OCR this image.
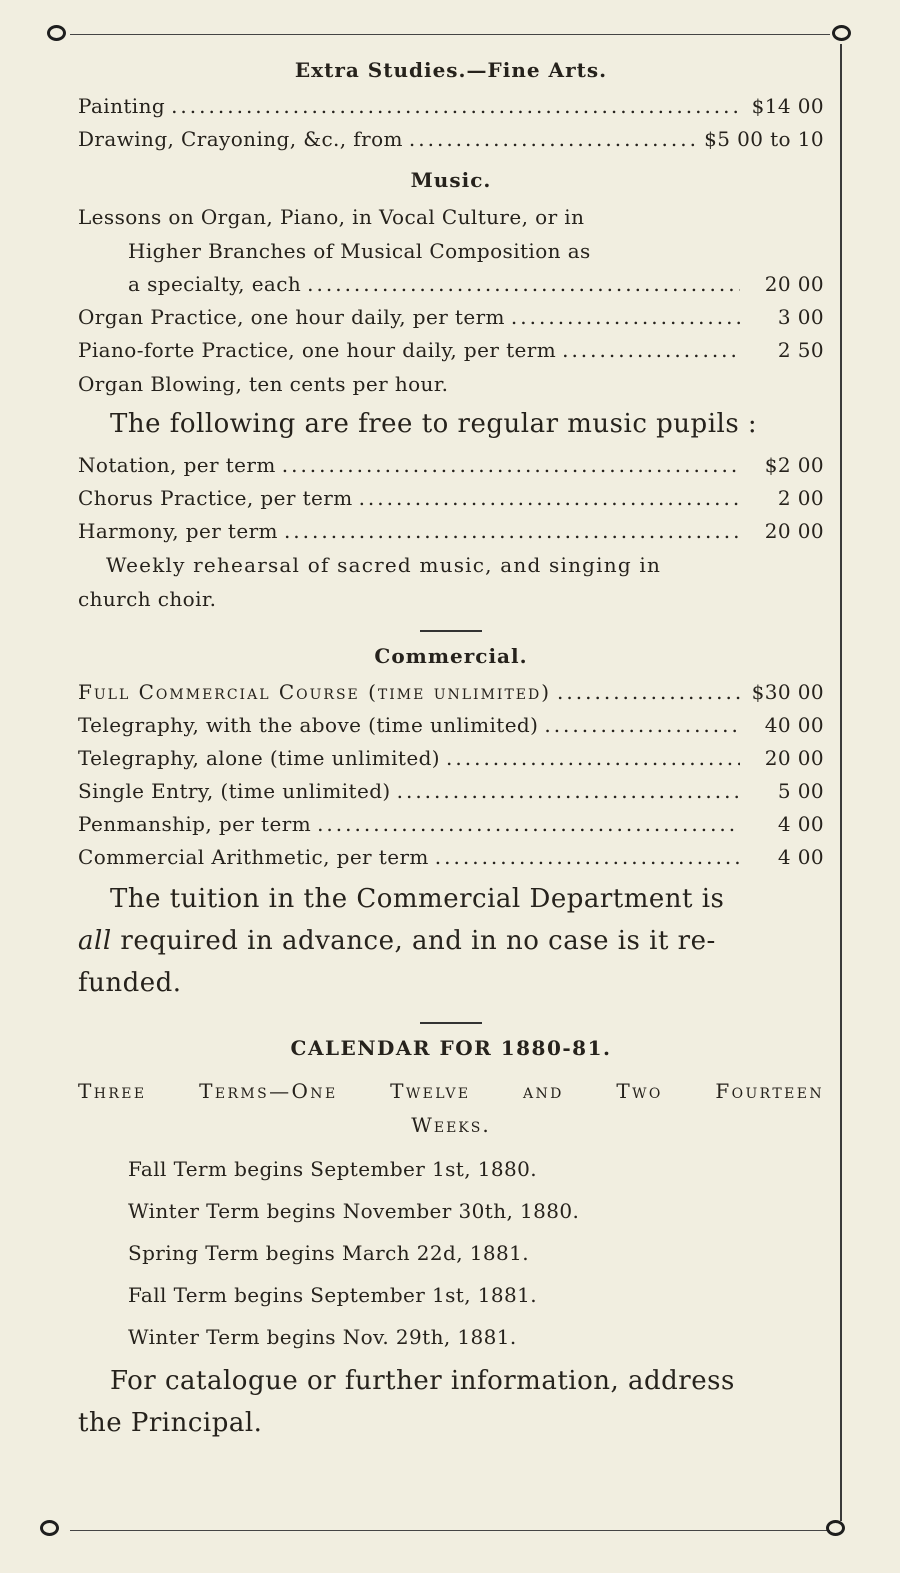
Extra Studies.—Fine Arts.
Painting .....	$14 00
Drawing, Crayoning, &c., from .....	$5 00 to 10
Music.
Lessons on Organ, Piano, in Vocal Culture, or in
Higher Branches of Musical Composition as
a specialty, each .....	20 00
Organ Practice, one hour daily, per term .....	3 00
Piano-forte Practice, one hour daily, per term .....	2 50
Organ Blowing, ten cents per hour.
The following are free to regular music pupils :
Notation, per term .....	$2 00
Chorus Practice, per term .....	2 00
Harmony, per term .....	20 00
Weekly rehearsal of sacred music, and singing in
church choir.
Commercial.
Full Commercial Course (time unlimited) .....	$30 00
Telegraphy, with the above (time unlimited) .....	40 00
Telegraphy, alone (time unlimited) .....	20 00
Single Entry, (time unlimited) .....	5 00
Penmanship, per term .....	4 00
Commercial Arithmetic, per term .....	4 00
The tuition in the Commercial Department is
all required in advance, and in no case is it re-
funded.
CALENDAR FOR 1880-81.
Three Terms—One Twelve and Two Fourteen
Weeks.
Fall Term begins September 1st, 1880.
Winter Term begins November 30th, 1880.
Spring Term begins March 22d, 1881.
Fall Term begins September 1st, 1881.
Winter Term begins Nov. 29th, 1881.
For catalogue or further information, address
the Principal.
